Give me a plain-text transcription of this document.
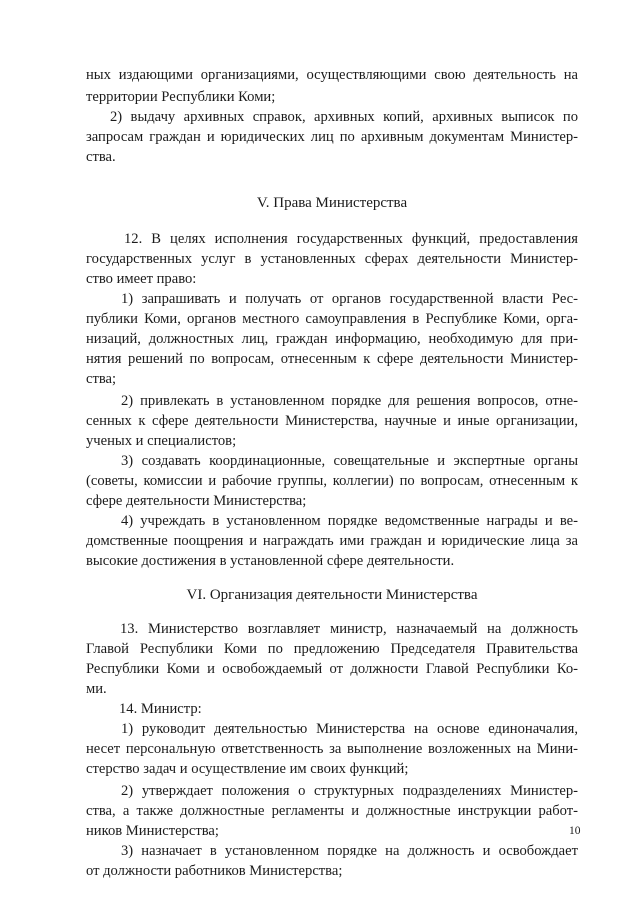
ных издающими организациями, осуществляющими свою деятельность на
территории Республики Коми;
2) выдачу архивных справок, архивных копий, архивных выписок по
запросам граждан и юридических лиц по архивным документам Министер-
ства.
V. Права Министерства
12. В целях исполнения государственных функций, предоставления
государственных услуг в установленных сферах деятельности Министер-
ство имеет право:
1) запрашивать и получать от органов государственной власти Рес-
публики Коми, органов местного самоуправления в Республике Коми, орга-
низаций, должностных лиц, граждан информацию, необходимую для при-
нятия решений по вопросам, отнесенным к сфере деятельности Министер-
ства;
2) привлекать в установленном порядке для решения вопросов, отне-
сенных к сфере деятельности Министерства, научные и иные организации,
ученых и специалистов;
3) создавать координационные, совещательные и экспертные органы
(советы, комиссии и рабочие группы, коллегии) по вопросам, отнесенным к
сфере деятельности Министерства;
4) учреждать в установленном порядке ведомственные награды и ве-
домственные поощрения и награждать ими граждан и юридические лица за
высокие достижения в установленной сфере деятельности.
VI. Организация деятельности Министерства
13. Министерство возглавляет министр, назначаемый на должность
Главой Республики Коми по предложению Председателя Правительства
Республики Коми и освобождаемый от должности Главой Республики Ко-
ми.
14. Министр:
1) руководит деятельностью Министерства на основе единоначалия,
несет персональную ответственность за выполнение возложенных на Мини-
стерство задач и осуществление им своих функций;
2) утверждает положения о структурных подразделениях Министер-
ства, а также должностные регламенты и должностные инструкции работ-
ников Министерства;
3) назначает в установленном порядке на должность и освобождает
от должности работников Министерства;
10
